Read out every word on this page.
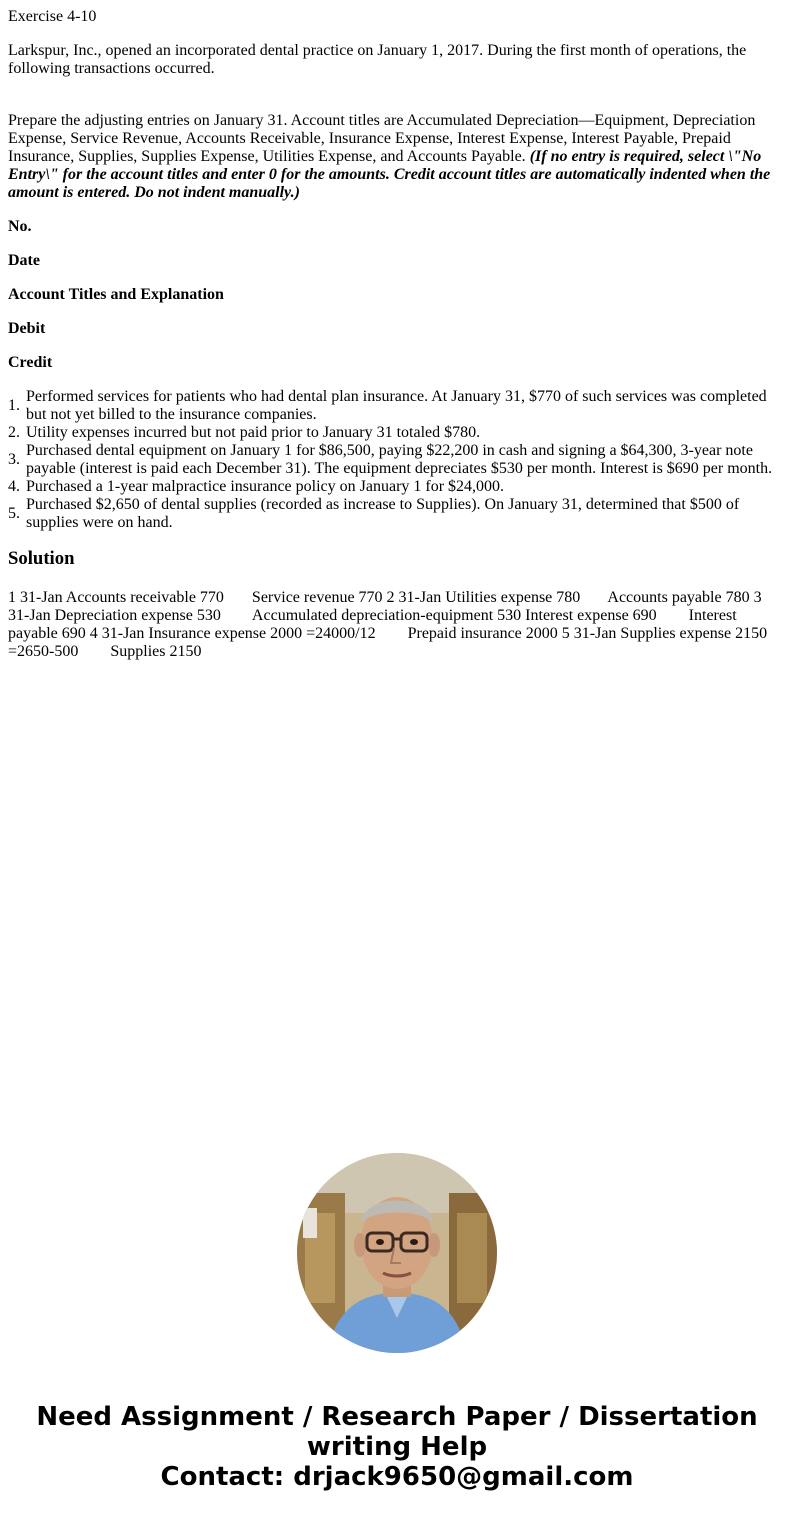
Exercise 4-10

Larkspur, Inc., opened an incorporated dental practice on January 1, 2017. During the first month of operations, the following transactions occurred.

Prepare the adjusting entries on January 31. Account titles are Accumulated Depreciation—Equipment, Depreciation Expense, Service Revenue, Accounts Receivable, Insurance Expense, Interest Expense, Interest Payable, Prepaid Insurance, Supplies, Supplies Expense, Utilities Expense, and Accounts Payable. (If no entry is required, select \"No Entry\" for the account titles and enter 0 for the amounts. Credit account titles are automatically indented when the amount is entered. Do not indent manually.)

No.

Date

Account Titles and Explanation

Debit

Credit

1.
Performed services for patients who had dental plan insurance. At January 31, $770 of such services was completed but not yet billed to the insurance companies.
2. Utility expenses incurred but not paid prior to January 31 totaled $780.
3.
Purchased dental equipment on January 1 for $86,500, paying $22,200 in cash and signing a $64,300, 3-year note payable (interest is paid each December 31). The equipment depreciates $530 per month. Interest is $690 per month.
4. Purchased a 1-year malpractice insurance policy on January 1 for $24,000.
5.
Purchased $2,650 of dental supplies (recorded as increase to Supplies). On January 31, determined that $500 of supplies were on hand.
Solution

1 31-Jan Accounts receivable 770       Service revenue 770 2 31-Jan Utilities expense 780       Accounts payable 780 3 31-Jan Depreciation expense 530        Accumulated depreciation-equipment 530 Interest expense 690        Interest payable 690 4 31-Jan Insurance expense 2000 =24000/12        Prepaid insurance 2000 5 31-Jan Supplies expense 2150 =2650-500        Supplies 2150

Need Assignment / Research Paper / Dissertation
writing Help
Contact: drjack9650@gmail.com
